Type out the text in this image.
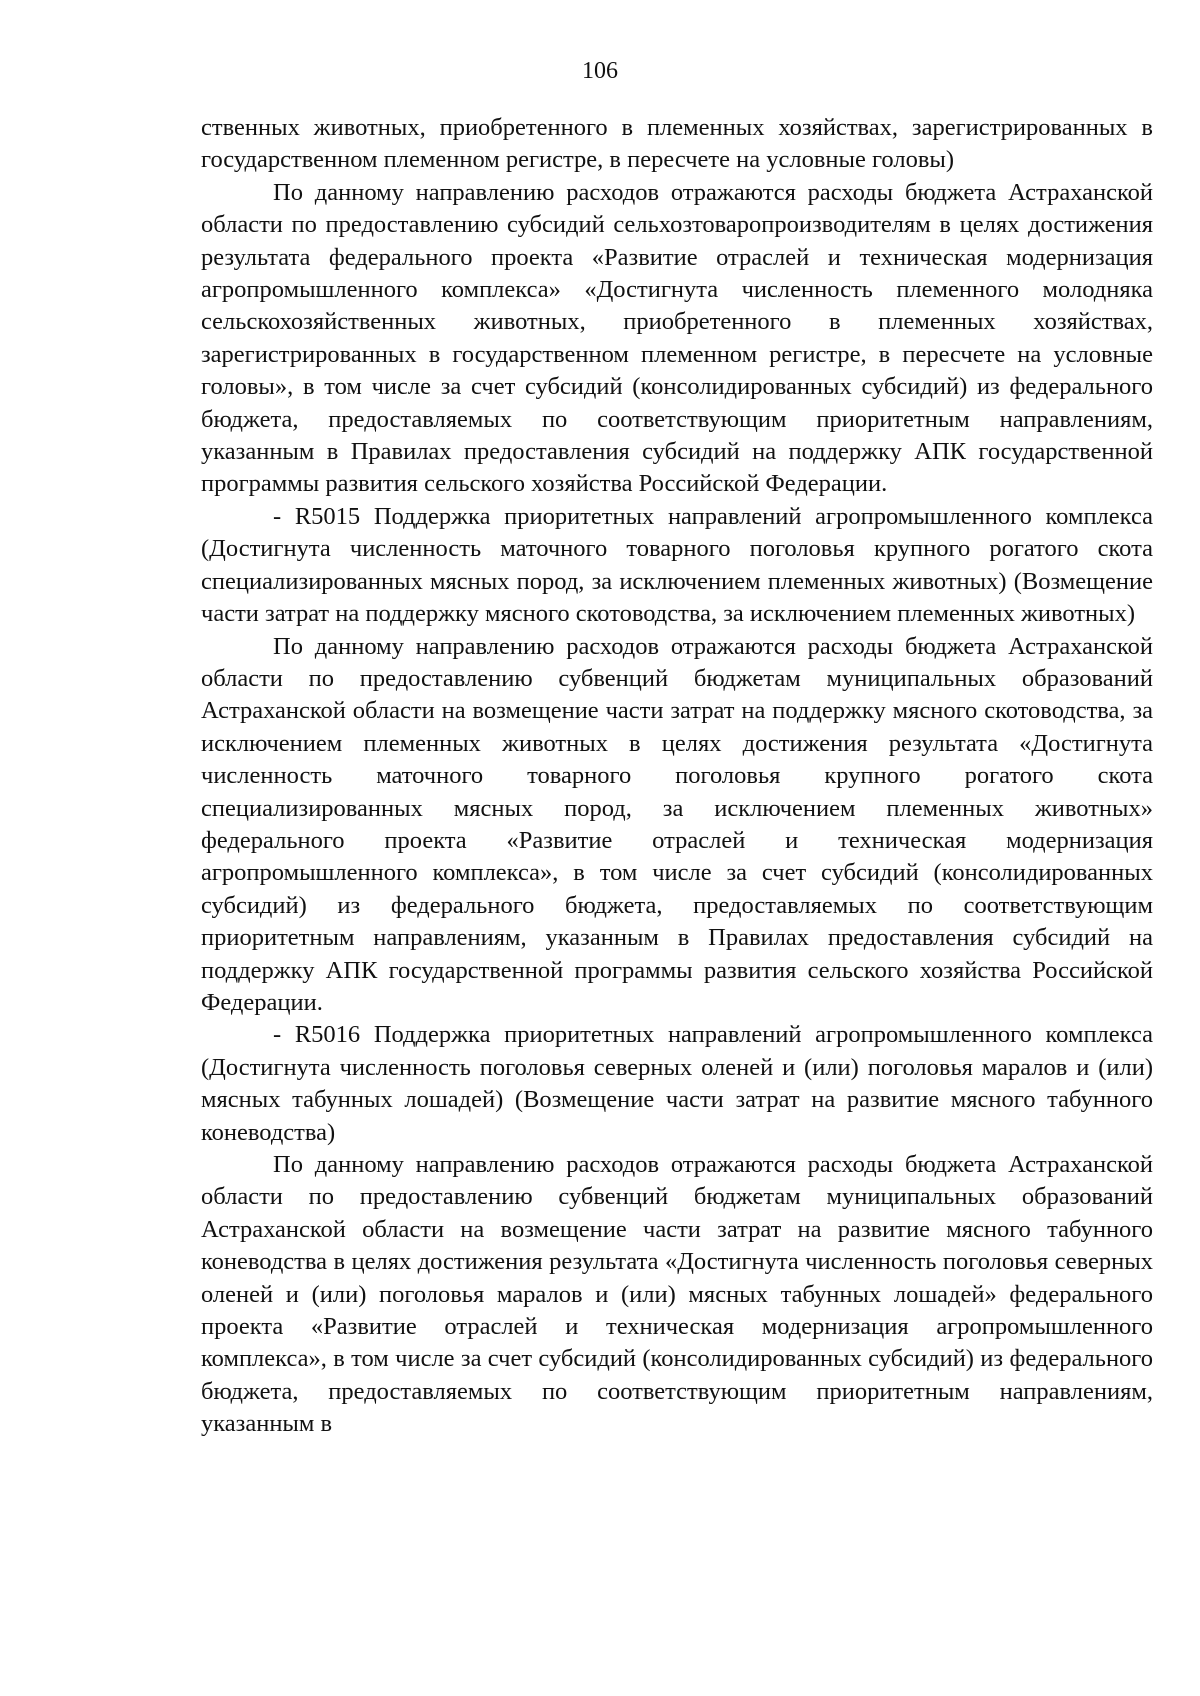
106

ственных животных, приобретенного в племенных хозяйствах, зарегистрированных в государственном племенном регистре, в пересчете на условные головы)

По данному направлению расходов отражаются расходы бюджета Астраханской области по предоставлению субсидий сельхозтоваропроизводителям в целях достижения результата федерального проекта «Развитие отраслей и техническая модернизация агропромышленного комплекса» «Достигнута численность племенного молодняка сельскохозяйственных животных, приобретенного в племенных хозяйствах, зарегистрированных в государственном племенном регистре, в пересчете на условные головы», в том числе за счет субсидий (консолидированных субсидий) из федерального бюджета, предоставляемых по соответствующим приоритетным направлениям, указанным в Правилах предоставления субсидий на поддержку АПК государственной программы развития сельского хозяйства Российской Федерации.

- R5015 Поддержка приоритетных направлений агропромышленного комплекса (Достигнута численность маточного товарного поголовья крупного рогатого скота специализированных мясных пород, за исключением племенных животных) (Возмещение части затрат на поддержку мясного скотоводства, за исключением племенных животных)

По данному направлению расходов отражаются расходы бюджета Астраханской области по предоставлению субвенций бюджетам муниципальных образований Астраханской области на возмещение части затрат на поддержку мясного скотоводства, за исключением племенных животных в целях достижения результата «Достигнута численность маточного товарного поголовья крупного рогатого скота специализированных мясных пород, за исключением племенных животных» федерального проекта «Развитие отраслей и техническая модернизация агропромышленного комплекса», в том числе за счет субсидий (консолидированных субсидий) из федерального бюджета, предоставляемых по соответствующим приоритетным направлениям, указанным в Правилах предоставления субсидий на поддержку АПК государственной программы развития сельского хозяйства Российской Федерации.

- R5016 Поддержка приоритетных направлений агропромышленного комплекса (Достигнута численность поголовья северных оленей и (или) поголовья маралов и (или) мясных табунных лошадей) (Возмещение части затрат на развитие мясного табунного коневодства)

По данному направлению расходов отражаются расходы бюджета Астраханской области по предоставлению субвенций бюджетам муниципальных образований Астраханской области на возмещение части затрат на развитие мясного табунного коневодства в целях достижения результата «Достигнута численность поголовья северных оленей и (или) поголовья маралов и (или) мясных табунных лошадей» федерального проекта «Развитие отраслей и техническая модернизация агропромышленного комплекса», в том числе за счет субсидий (консолидированных субсидий) из федерального бюджета, предоставляемых по соответствующим приоритетным направлениям, указанным в
